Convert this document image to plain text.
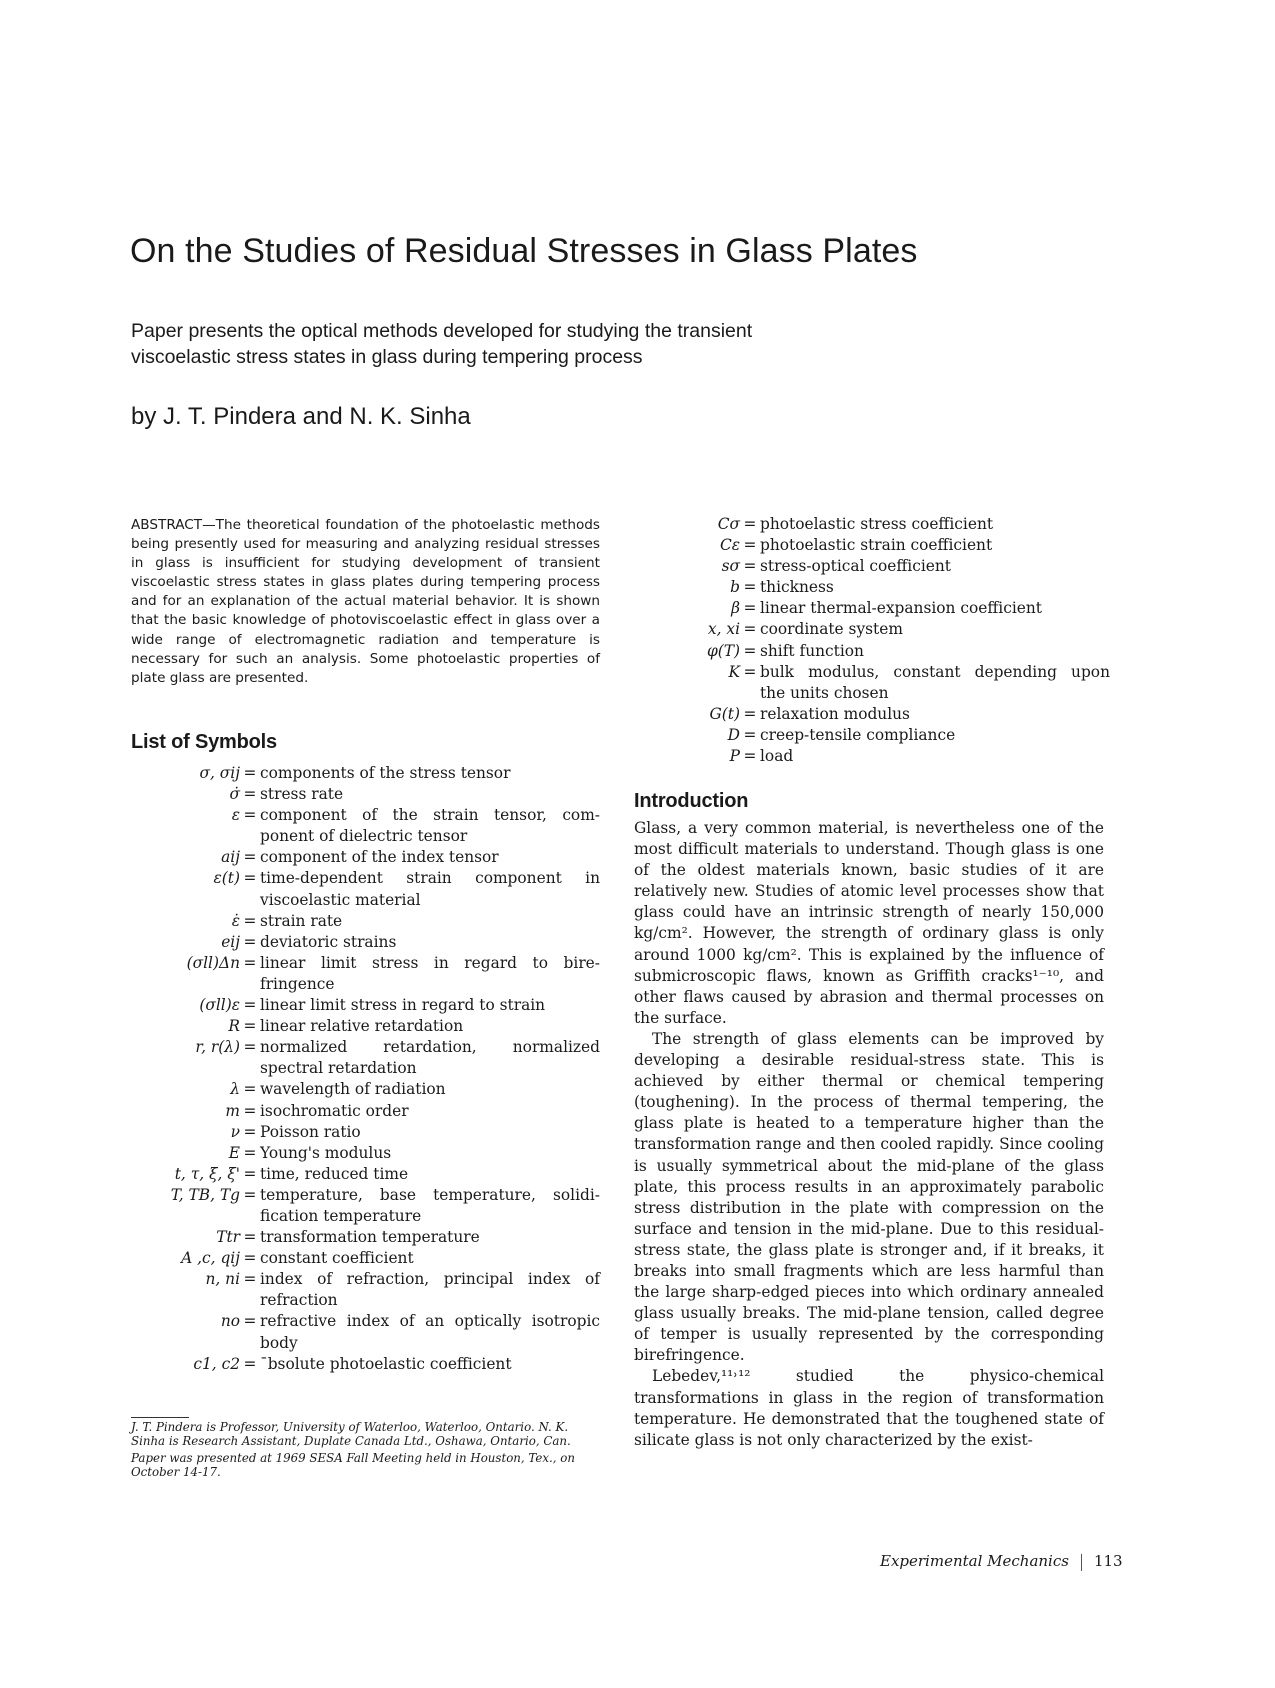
On the Studies of Residual Stresses in Glass Plates

Paper presents the optical methods developed for studying the transient viscoelastic stress states in glass during tempering process

by J. T. Pindera and N. K. Sinha

ABSTRACT—The theoretical foundation of the photoelastic methods being presently used for measuring and analyzing residual stresses in glass is insufficient for studying development of transient viscoelastic stress states in glass plates during tempering process and for an explanation of the actual material behavior. It is shown that the basic knowledge of photoviscoelastic effect in glass over a wide range of electromagnetic radiation and temperature is necessary for such an analysis. Some photoelastic properties of plate glass are presented.

List of Symbols
σ, σij = components of the stress tensor
σ̇ = stress rate
ε = component of the strain tensor, com-
ponent of dielectric tensor
aij = component of the index tensor
ε(t) = time-dependent strain component in
viscoelastic material
ε̇ = strain rate
eij = deviatoric strains
(σll)Δn = linear limit stress in regard to bire-
fringence
(σll)ε = linear limit stress in regard to strain
R = linear relative retardation
r, r(λ) = normalized retardation, normalized
spectral retardation
λ = wavelength of radiation
m = isochromatic order
ν = Poisson ratio
E = Young's modulus
t, τ, ξ, ξ' = time, reduced time
T, TB, Tg = temperature, base temperature, solidi-
fication temperature
Ttr = transformation temperature
A ,c, qij = constant coefficient
n, ni = index of refraction, principal index of
refraction
no = refractive index of an optically isotropic
body
c1, c2 = ˉbsolute photoelastic coefficient
Cσ = photoelastic stress coefficient
Cε = photoelastic strain coefficient
sσ = stress-optical coefficient
b = thickness
β = linear thermal-expansion coefficient
x, xi = coordinate system
φ(T) = shift function
K = bulk modulus, constant depending upon
the units chosen
G(t) = relaxation modulus
D = creep-tensile compliance
P = load

J. T. Pindera is Professor, University of Waterloo, Waterloo, Ontario. N. K. Sinha is Research Assistant, Duplate Canada Ltd., Oshawa, Ontario, Can.

Paper was presented at 1969 SESA Fall Meeting held in Houston, Tex., on October 14-17.

Introduction

Glass, a very common material, is nevertheless one of the most difficult materials to understand. Though glass is one of the oldest materials known, basic studies of it are relatively new. Studies of atomic level processes show that glass could have an intrinsic strength of nearly 150,000 kg/cm². However, the strength of ordinary glass is only around 1000 kg/cm². This is explained by the influence of submicroscopic flaws, known as Griffith cracks¹⁻¹⁰, and other flaws caused by abrasion and thermal processes on the surface.

The strength of glass elements can be improved by developing a desirable residual-stress state. This is achieved by either thermal or chemical tempering (toughening). In the process of thermal tempering, the glass plate is heated to a temperature higher than the transformation range and then cooled rapidly. Since cooling is usually symmetrical about the mid-plane of the glass plate, this process results in an approximately parabolic stress distribution in the plate with compression on the surface and tension in the mid-plane. Due to this residual-stress state, the glass plate is stronger and, if it breaks, it breaks into small fragments which are less harmful than the large sharp-edged pieces into which ordinary annealed glass usually breaks. The mid-plane tension, called degree of temper is usually represented by the corresponding birefringence.

Lebedev,¹¹˒¹² studied the physico-chemical transformations in glass in the region of transformation temperature. He demonstrated that the toughened state of silicate glass is not only characterized by the exist-

Experimental Mechanics 113
